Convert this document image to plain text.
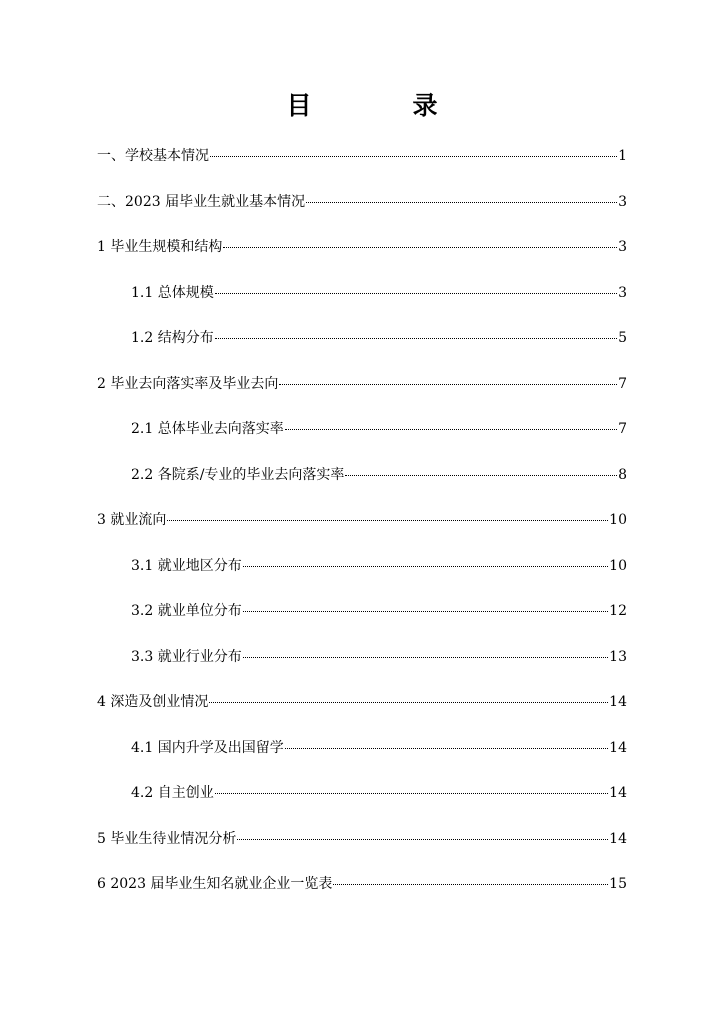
目　录
一、学校基本情况	1
二、2023 届毕业生就业基本情况	3
1 毕业生规模和结构	3
1.1 总体规模	3
1.2 结构分布	5
2 毕业去向落实率及毕业去向	7
2.1 总体毕业去向落实率	7
2.2 各院系/专业的毕业去向落实率	8
3 就业流向	10
3.1 就业地区分布	10
3.2 就业单位分布	12
3.3 就业行业分布	13
4 深造及创业情况	14
4.1 国内升学及出国留学	14
4.2 自主创业	14
5 毕业生待业情况分析	14
6 2023 届毕业生知名就业企业一览表	15
